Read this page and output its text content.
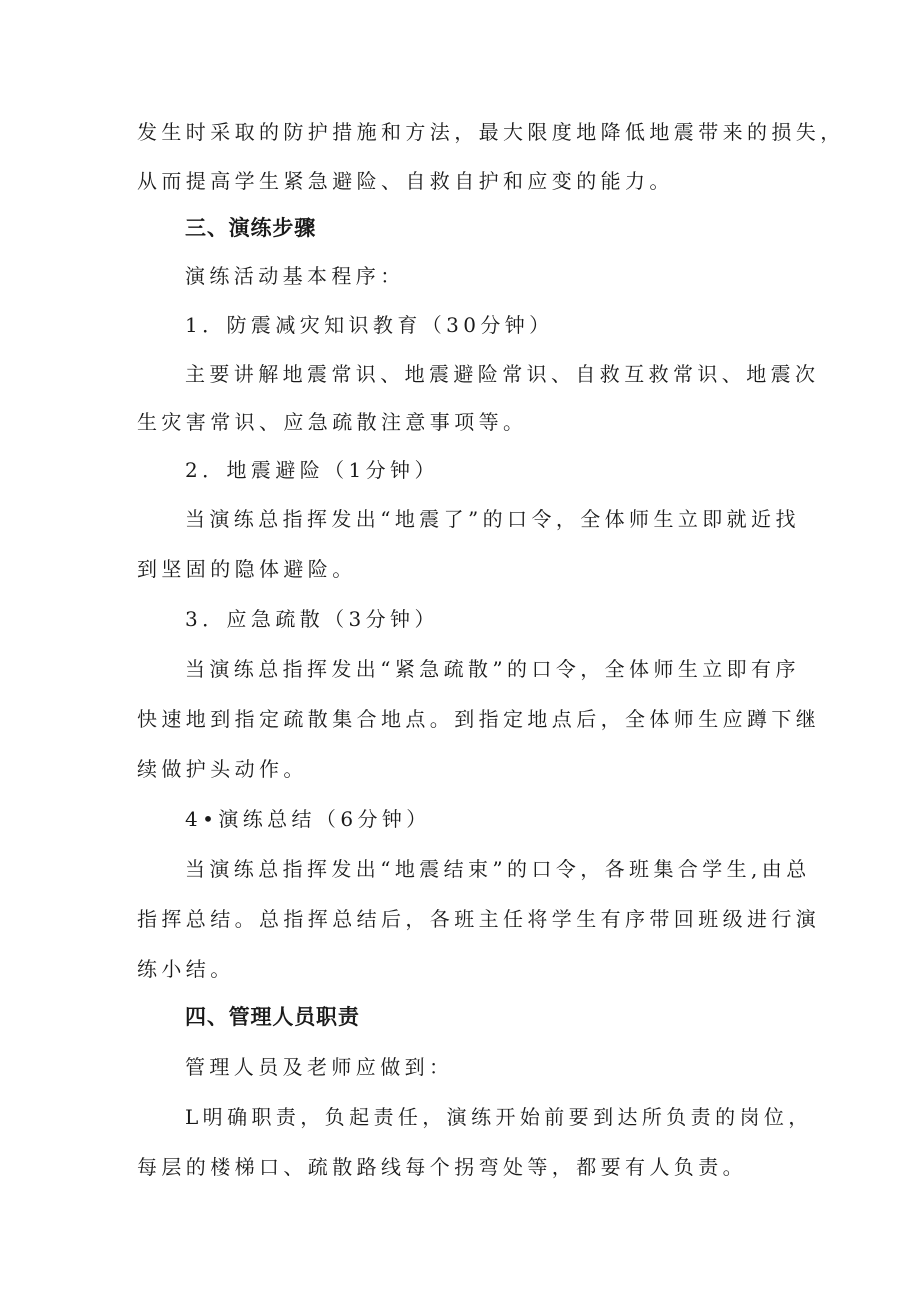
发生时采取的防护措施和方法，最大限度地降低地震带来的损失，
从而提高学生紧急避险、自救自护和应变的能力。
三、演练步骤
演练活动基本程序：
1．防震减灾知识教育（30分钟）
主要讲解地震常识、地震避险常识、自救互救常识、地震次
生灾害常识、应急疏散注意事项等。
2．地震避险（1分钟）
当演练总指挥发出“地震了”的口令，全体师生立即就近找
到坚固的隐体避险。
3．应急疏散（3分钟）
当演练总指挥发出“紧急疏散”的口令，全体师生立即有序
快速地到指定疏散集合地点。到指定地点后，全体师生应蹲下继
续做护头动作。
4•演练总结（6分钟）
当演练总指挥发出“地震结束”的口令，各班集合学生,由总
指挥总结。总指挥总结后，各班主任将学生有序带回班级进行演
练小结。
四、管理人员职责
管理人员及老师应做到：
L明确职责，负起责任，演练开始前要到达所负责的岗位，
每层的楼梯口、疏散路线每个拐弯处等，都要有人负责。
